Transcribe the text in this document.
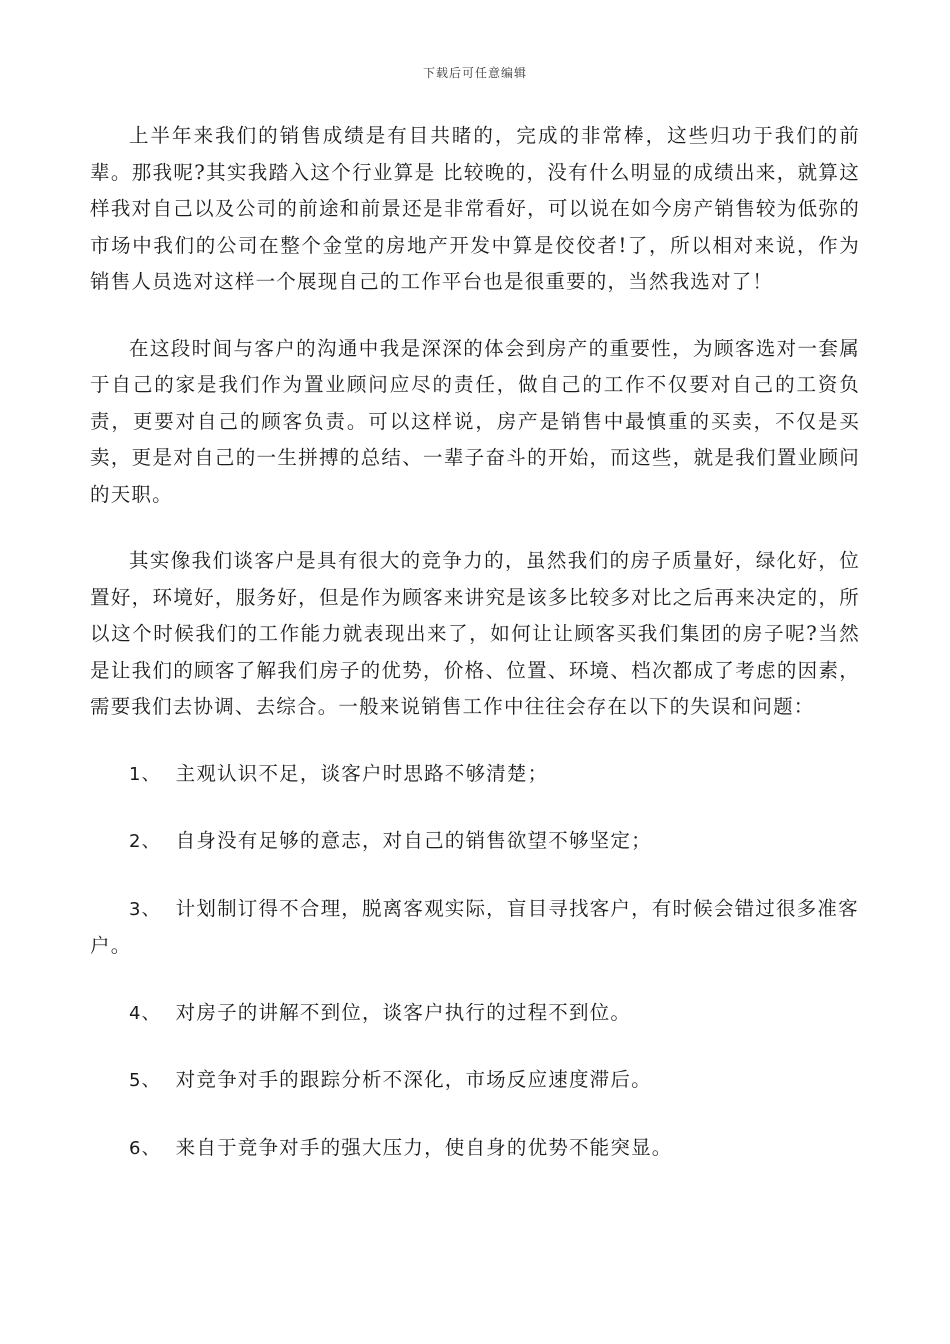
下载后可任意编辑

上半年来我们的销售成绩是有目共睹的，完成的非常棒，这些归功于我们的前辈。那我呢?其实我踏入这个行业算是 比较晚的，没有什么明显的成绩出来，就算这样我对自己以及公司的前途和前景还是非常看好，可以说在如今房产销售较为低弥的市场中我们的公司在整个金堂的房地产开发中算是佼佼者!了，所以相对来说，作为销售人员选对这样一个展现自己的工作平台也是很重要的，当然我选对了！

在这段时间与客户的沟通中我是深深的体会到房产的重要性，为顾客选对一套属于自己的家是我们作为置业顾问应尽的责任，做自己的工作不仅要对自己的工资负责，更要对自己的顾客负责。可以这样说，房产是销售中最慎重的买卖，不仅是买卖，更是对自己的一生拼搏的总结、一辈子奋斗的开始，而这些，就是我们置业顾问的天职。

其实像我们谈客户是具有很大的竞争力的，虽然我们的房子质量好，绿化好，位置好，环境好，服务好，但是作为顾客来讲究是该多比较多对比之后再来决定的，所以这个时候我们的工作能力就表现出来了，如何让让顾客买我们集团的房子呢?当然是让我们的顾客了解我们房子的优势，价格、位置、环境、档次都成了考虑的因素，需要我们去协调、去综合。一般来说销售工作中往往会存在以下的失误和问题：

1、 主观认识不足，谈客户时思路不够清楚；

2、 自身没有足够的意志，对自己的销售欲望不够坚定；

3、 计划制订得不合理，脱离客观实际，盲目寻找客户，有时候会错过很多准客户。

4、 对房子的讲解不到位，谈客户执行的过程不到位。

5、 对竞争对手的跟踪分析不深化，市场反应速度滞后。

6、 来自于竞争对手的强大压力，使自身的优势不能突显。
